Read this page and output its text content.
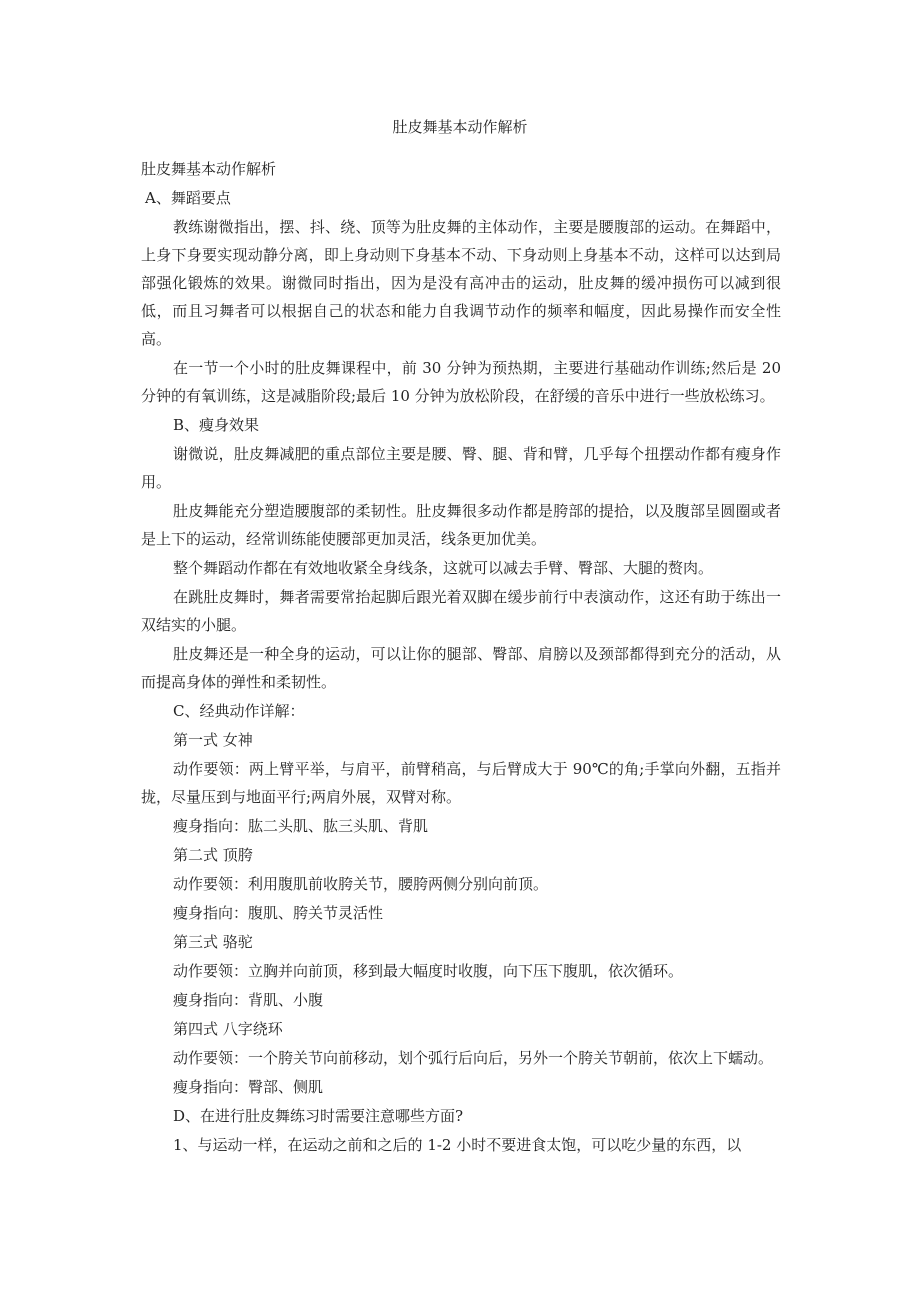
肚皮舞基本动作解析

肚皮舞基本动作解析

A、舞蹈要点

教练谢微指出，摆、抖、绕、顶等为肚皮舞的主体动作，主要是腰腹部的运动。在舞蹈中，上身下身要实现动静分离，即上身动则下身基本不动、下身动则上身基本不动，这样可以达到局部强化锻炼的效果。谢微同时指出，因为是没有高冲击的运动，肚皮舞的缓冲损伤可以减到很低，而且习舞者可以根据自己的状态和能力自我调节动作的频率和幅度，因此易操作而安全性高。

在一节一个小时的肚皮舞课程中，前 30 分钟为预热期，主要进行基础动作训练;然后是 20 分钟的有氧训练，这是减脂阶段;最后 10 分钟为放松阶段，在舒缓的音乐中进行一些放松练习。

B、瘦身效果

谢微说，肚皮舞减肥的重点部位主要是腰、臀、腿、背和臂，几乎每个扭摆动作都有瘦身作用。

肚皮舞能充分塑造腰腹部的柔韧性。肚皮舞很多动作都是胯部的提拾，以及腹部呈圆圈或者是上下的运动，经常训练能使腰部更加灵活，线条更加优美。

整个舞蹈动作都在有效地收紧全身线条，这就可以减去手臂、臀部、大腿的赘肉。

在跳肚皮舞时，舞者需要常抬起脚后跟光着双脚在缓步前行中表演动作，这还有助于练出一双结实的小腿。

肚皮舞还是一种全身的运动，可以让你的腿部、臀部、肩膀以及颈部都得到充分的活动，从而提高身体的弹性和柔韧性。

C、经典动作详解：

第一式 女神

动作要领：两上臂平举，与肩平，前臂稍高，与后臂成大于 90℃的角;手掌向外翻，五指并拢，尽量压到与地面平行;两肩外展，双臂对称。

瘦身指向：肱二头肌、肱三头肌、背肌

第二式 顶胯

动作要领：利用腹肌前收胯关节，腰胯两侧分别向前顶。

瘦身指向：腹肌、胯关节灵活性

第三式 骆驼

动作要领：立胸并向前顶，移到最大幅度时收腹，向下压下腹肌，依次循环。

瘦身指向：背肌、小腹

第四式 八字绕环

动作要领：一个胯关节向前移动，划个弧行后向后，另外一个胯关节朝前，依次上下蠕动。

瘦身指向：臀部、侧肌

D、在进行肚皮舞练习时需要注意哪些方面?

1、与运动一样，在运动之前和之后的 1-2 小时不要进食太饱，可以吃少量的东西，以
